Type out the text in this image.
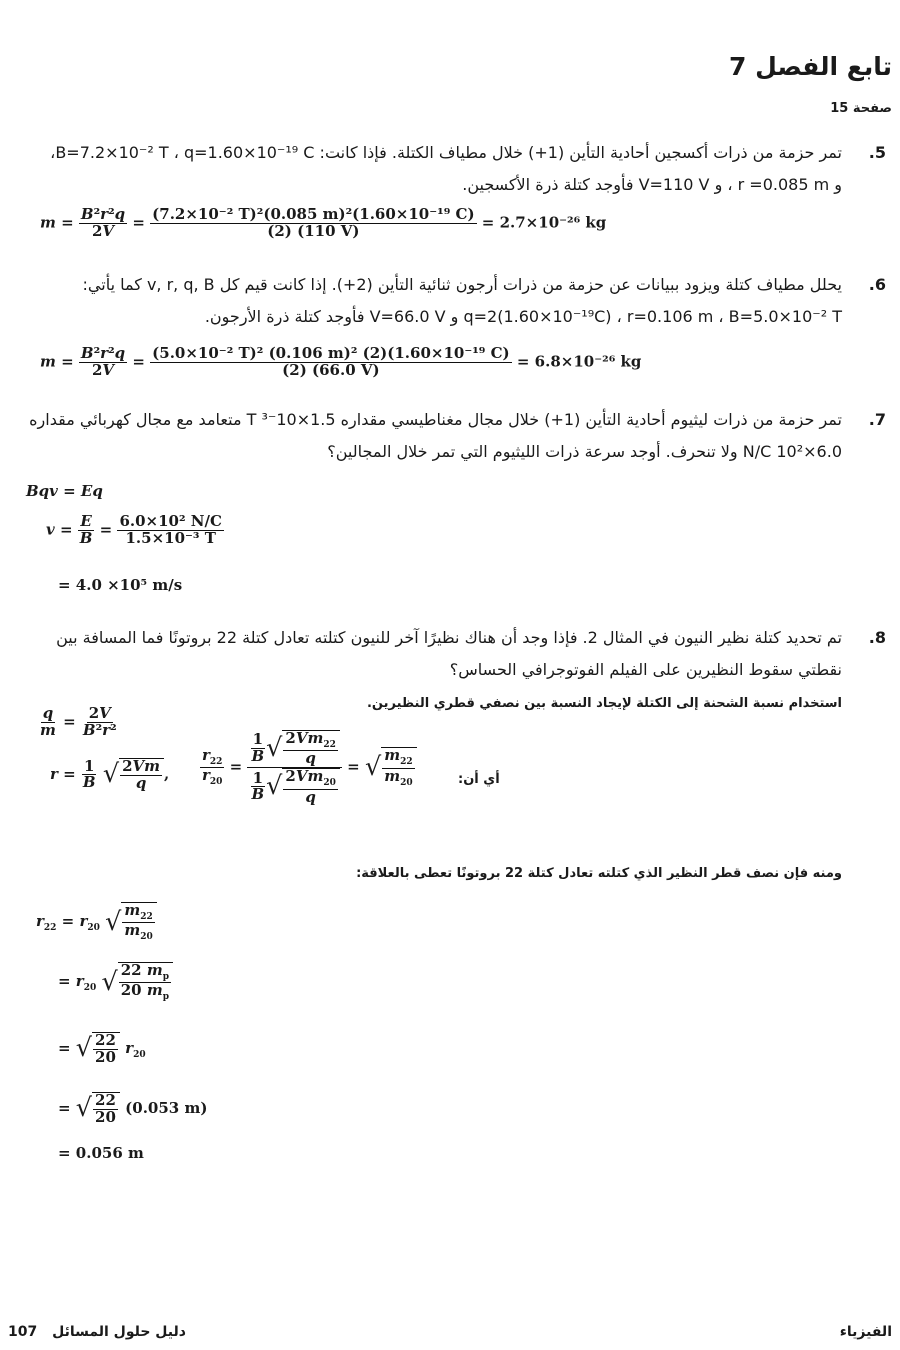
تابع الفصل 7
صفحة 15
.5
تمر حزمة من ذرات أكسجين أحادية التأين (1+) خلال مطياف الكتلة. فإذا كانت: B=7.2×10⁻² T ، q=1.60×10⁻¹⁹ C،
و r =0.085 m ، و V=110 V فأوجد كتلة ذرة الأكسجين.
$m = \frac{\text{B²r²q}}{2V} = \frac{\text{(7.2×10⁻² T)²(0.085 m)²(1.60×10⁻¹⁹ C)}}{(2) (110 V)} = 2.7\times 10^{-26}$ kg
.6
يحلل مطياف كتلة ويزود ببيانات عن حزمة من ذرات أرجون ثنائية التأين (2+). إذا كانت قيم كل v, r, q, B كما يأتي:
q=2(1.60×10⁻¹⁹C) ، r=0.106 m ، B=5.0×10⁻² T و V=66.0 V فأوجد كتلة ذرة الأرجون.
$m = \frac{\text{B²r²q}}{2V} = \frac{\text{(5.0×10⁻² T)² (0.106 m)² (2)(1.60×10⁻¹⁹ C)}}{(2) (66.0 V)} = 6.8\times 10^{-26}$ kg
.7
تمر حزمة من ذرات ليثيوم أحادية التأين (1+) خلال مجال مغناطيسي مقداره 1.5×10⁻³ T متعامد مع مجال كهربائي مقداره
6.0×10² N/C ولا تنحرف. أوجد سرعة ذرات الليثيوم التي تمر خلال المجالين؟
Bqv = Eq
$v = \frac{E}{B} = \frac{\text{6.0×10² N/C}}{\text{1.5×10⁻³ T}}$
= 4.0 ×10⁵ m/s
.8
تم تحديد كتلة نظير النيون في المثال 2. فإذا وجد أن هناك نظيرًا آخر للنيون كتلته تعادل كتلة 22 بروتونًا فما المسافة بين
نقطتي سقوط النظيرين على الفيلم الفوتوجرافي الحساس؟
استخدام نسبة الشحنة إلى الكتلة لإيجاد النسبة بين نصفي قطري النظيرين.
$\frac{q}{m} = \frac{2V}{\text{B²r²}}$
$r = \frac{1}{B}$
√ $\frac{2Vm}{q}$ , $\frac{r_{22}}{r_{20}} = \frac{\frac{1}{B} √ \frac{2Vm_{22}}{q}}{\frac{1}{B} √ \frac{2Vm_{20}}{q}}$ = √ $\frac{m_{22}}{m_{20}}$	أي أن:
ومنه فإن نصف قطر النظير الذي كتلته تعادل كتلة 22 بروتونًا تعطى بالعلاقة:
$r_{22} = r_{20}$ √ $\frac{m_{22}}{m_{20}}$
= $r_{20}$ √ $\frac{22 m_p}{20 m_p}$
= √ $\frac{22}{20} r_{20}$
= √ $\frac{22}{20} (0.053$ m)
= 0.056 m
107 دليل حلول المسائل	الفيزياء
